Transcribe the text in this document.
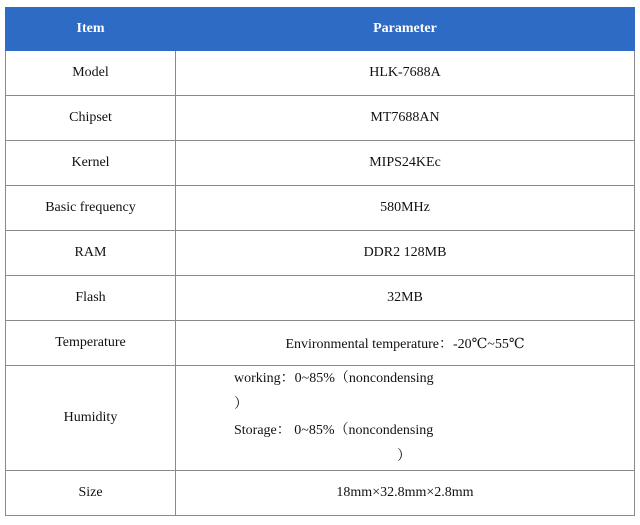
Item	Parameter
Model	HLK-7688A
Chipset	MT7688AN
Kernel	MIPS24KEc
Basic frequency	580MHz
RAM	DDR2 128MB
Flash	32MB
Temperature	Environmental temperature：-20℃~55℃
Humidity	working：0~85%（noncondensing
）
Storage： 0~85%（noncondensing
）

Size	18mm×32.8mm×2.8mm
